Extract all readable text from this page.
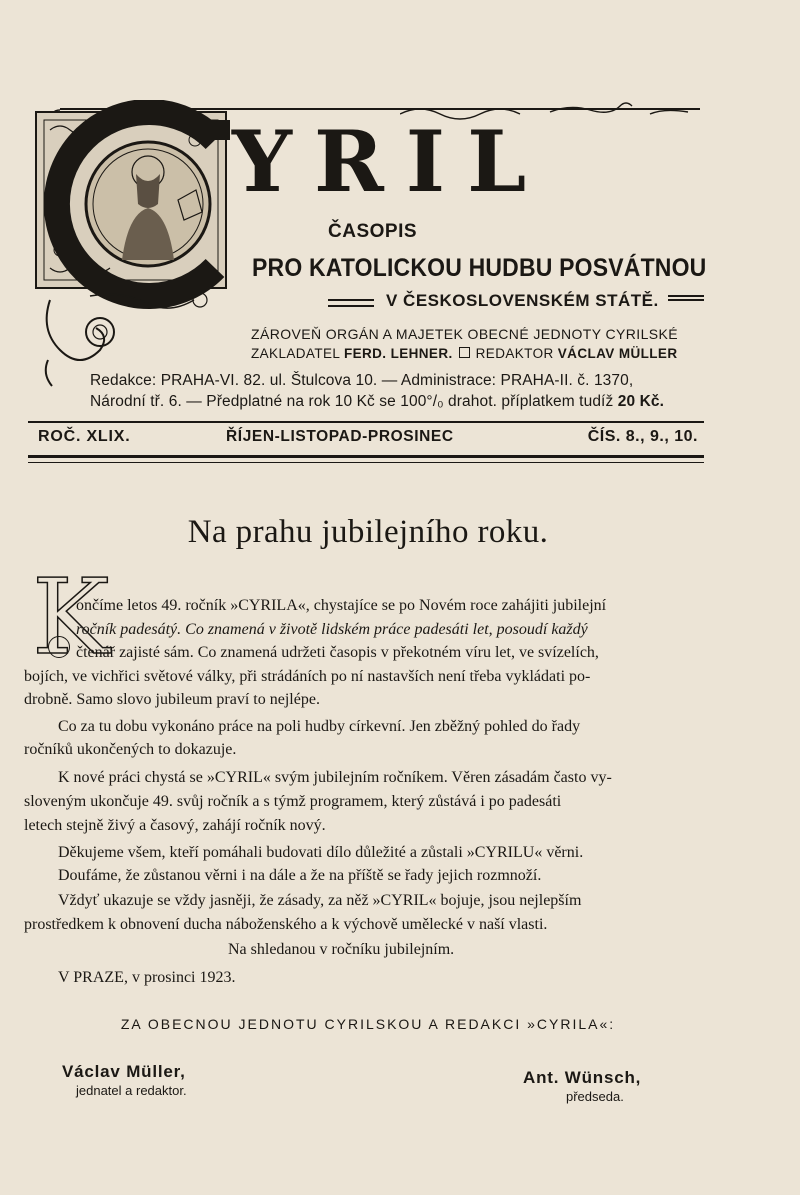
YRIL
ČASOPIS
PRO KATOLICKOU HUDBU POSVÁTNOU
V ČESKOSLOVENSKÉM STÁTĚ.
ZÁROVEŇ ORGÁN A MAJETEK OBECNÉ JEDNOTY CYRILSKÉ
ZAKLADATEL FERD. LEHNER. REDAKTOR VÁCLAV MÜLLER
Redakce: PRAHA-VI. 82. ul. Štulcova 10. — Administrace: PRAHA-II. č. 1370,
Národní tř. 6. — Předplatné na rok 10 Kč se 100°/₀ drahot. příplatkem tudíž 20 Kč.
ROČ. XLIX.	ŘÍJEN-LISTOPAD-PROSINEC	ČÍS. 8., 9., 10.
Na prahu jubilejního roku.
K
ončíme letos 49. ročník »CYRILA«, chystajíce se po Novém roce zahájiti jubilejní
ročník padesátý. Co znamená v životě lidském práce padesáti let, posoudí každý
čtenář zajisté sám. Co znamená udržeti časopis v překotném víru let, ve svízelích,
bojích, ve vichřici světové války, při strádáních po ní nastavších není třeba vykládati po-
drobně. Samo slovo jubileum praví to nejlépe.
Co za tu dobu vykonáno práce na poli hudby církevní. Jen zběžný pohled do řady
ročníků ukončených to dokazuje.
K nové práci chystá se »CYRIL« svým jubilejním ročníkem. Věren zásadám často vy-
sloveným ukončuje 49. svůj ročník a s týmž programem, který zůstává i po padesáti
letech stejně živý a časový, zahájí ročník nový.
Děkujeme všem, kteří pomáhali budovati dílo důležité a zůstali »CYRILU« věrni.
Doufáme, že zůstanou věrni i na dále a že na příště se řady jejich rozmnoží.
Vždyť ukazuje se vždy jasněji, že zásady, za něž »CYRIL« bojuje, jsou nejlepším
prostředkem k obnovení ducha náboženského a k výchově umělecké v naší vlasti.
Na shledanou v ročníku jubilejním.
V PRAZE, v prosinci 1923.
ZA OBECNOU JEDNOTU CYRILSKOU A REDAKCI »CYRILA«:
Václav Müller,
jednatel a redaktor.
Ant. Wünsch,
předseda.
